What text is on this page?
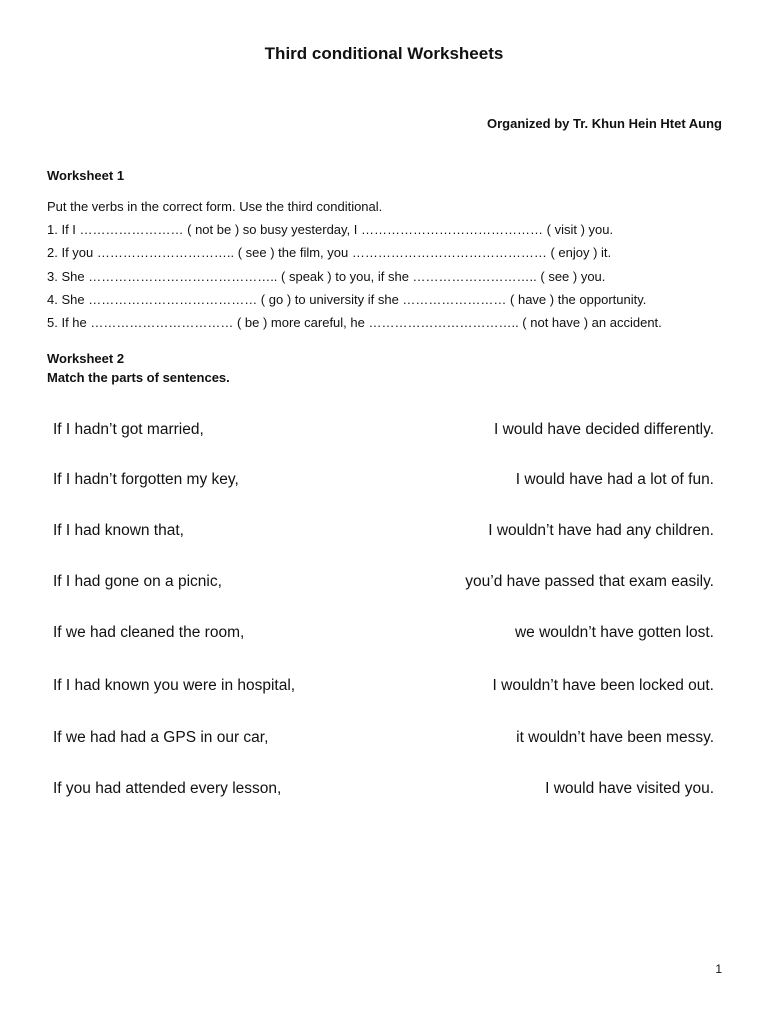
Third conditional Worksheets
Organized by Tr. Khun Hein Htet Aung
Worksheet 1
Put the verbs in the correct form. Use the third conditional.
1. If I …………………… ( not be ) so busy yesterday, I …………………………………… ( visit ) you.
2. If you ………………………….. ( see ) the film, you ……………………………………… ( enjoy ) it.
3. She …………………………………….. ( speak ) to you, if she ……………………….. ( see ) you.
4. She ………………………………… ( go ) to university if she …………………… ( have ) the opportunity.
5. If he …………………………… ( be ) more careful, he …………………………….. ( not have ) an accident.
Worksheet 2
Match the parts of sentences.
If I hadn’t got married,	I would have decided differently.
If I hadn’t forgotten my key,	I would have had a lot of fun.
If I had known that,	I wouldn’t have had any children.
If I had gone on a picnic,	you’d have passed that exam easily.
If we had cleaned the room,	we wouldn’t have gotten lost.
If I had known you were in hospital,	I wouldn’t have been locked out.
If we had had a GPS in our car,	it wouldn’t have been messy.
If you had attended every lesson,	I would have visited you.
1
